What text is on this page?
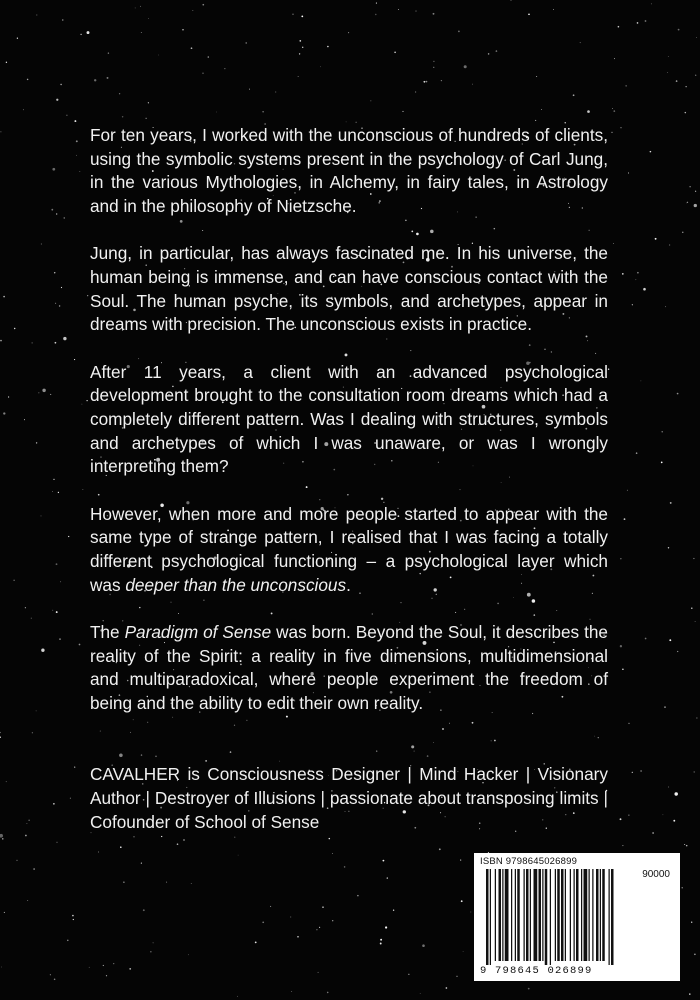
For ten years, I worked with the unconscious of hundreds of clients, using the symbolic systems present in the psychology of Carl Jung, in the various Mythologies, in Alchemy, in fairy tales, in Astrology and in the philosophy of Nietzsche.

Jung, in particular, has always fascinated me. In his universe, the human being is immense, and can have conscious contact with the Soul. The human psyche, its symbols, and archetypes, appear in dreams with precision. The unconscious exists in practice.

After 11 years, a client with an advanced psychological development brought to the consultation room dreams which had a completely different pattern. Was I dealing with structures, symbols and archetypes of which I was unaware, or was I wrongly interpreting them?

However, when more and more people started to appear with the same type of strange pattern, I realised that I was facing a totally different psychological functioning – a psychological layer which was deeper than the unconscious.

The Paradigm of Sense was born. Beyond the Soul, it describes the reality of the Spirit: a reality in five dimensions, multidimensional and multiparadoxical, where people experiment the freedom of being and the ability to edit their own reality.

CAVALHER is Consciousness Designer | Mind Hacker | Visionary Author | Destroyer of Illusions | passionate about transposing limits | Cofounder of School of Sense

ISBN 9798645026899
90000
9 798645 026899
